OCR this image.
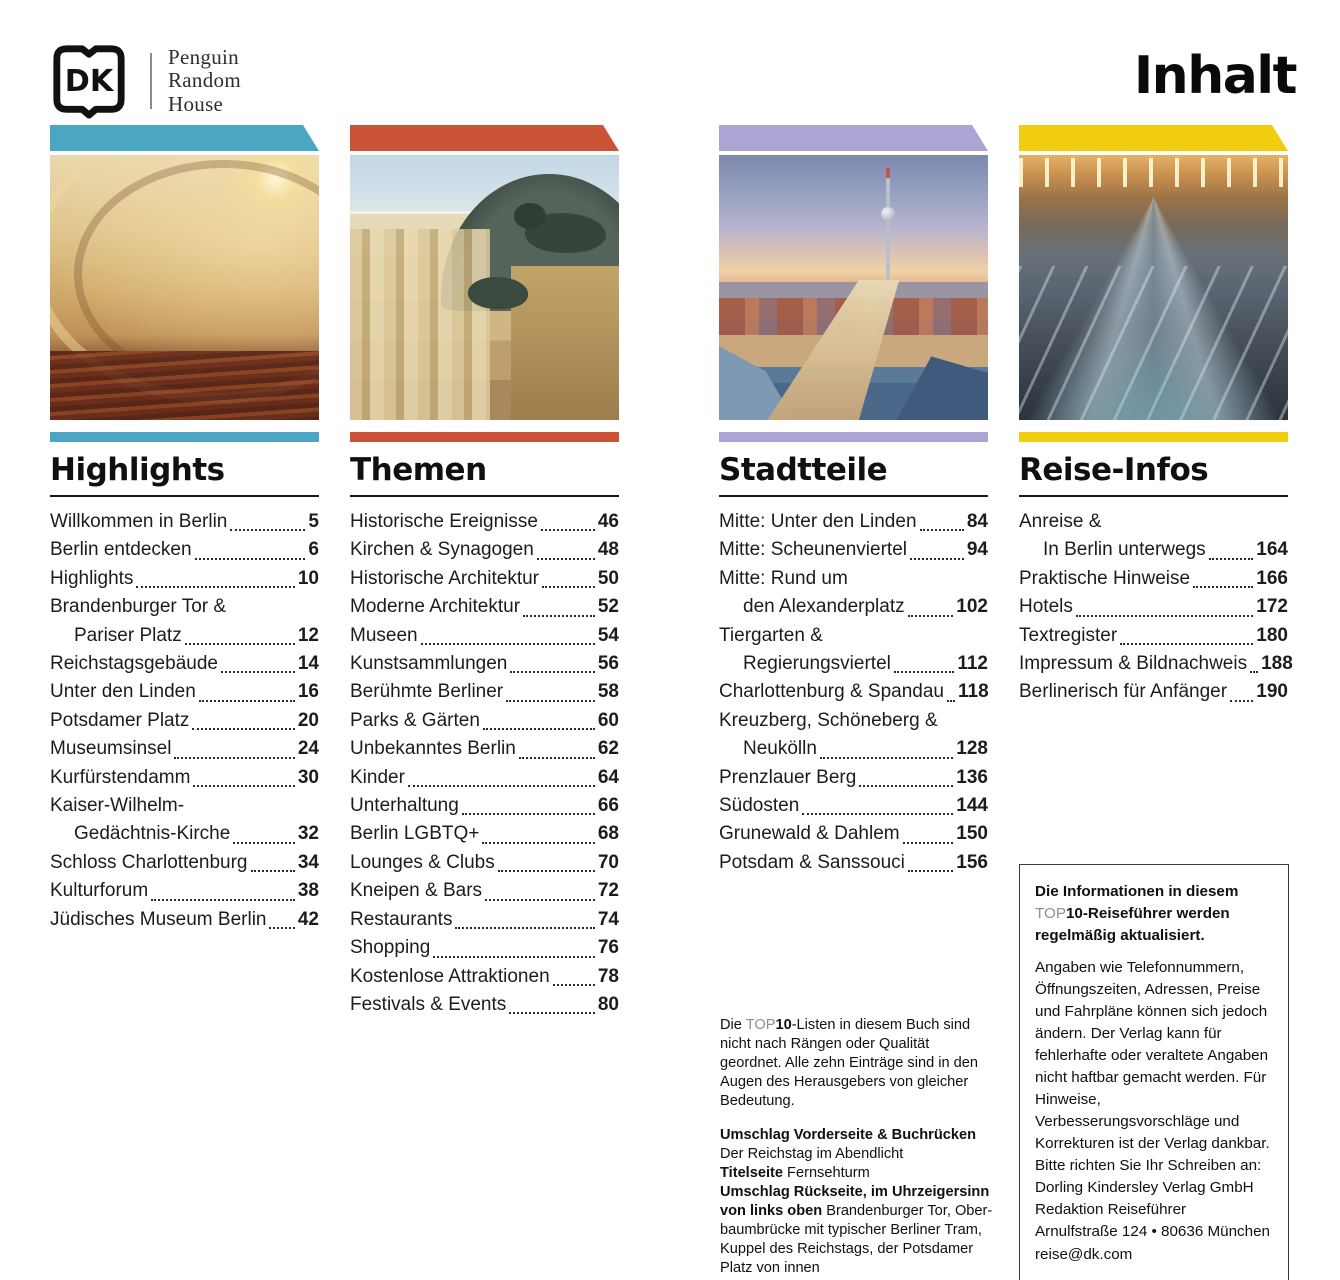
DK
Penguin
Random
House	Inhalt
Highlights
Willkommen in Berlin	5
Berlin entdecken	6
Highlights	10
Brandenburger Tor &
Pariser Platz	12
Reichstagsgebäude	14
Unter den Linden	16
Potsdamer Platz	20
Museumsinsel	24
Kurfürstendamm	30
Kaiser-Wilhelm-
Gedächtnis-Kirche	32
Schloss Charlottenburg	34
Kulturforum	38
Jüdisches Museum Berlin 42
Themen
Historische Ereignisse	46
Kirchen & Synagogen	48
Historische Architektur	50
Moderne Architektur	52
Museen	54
Kunstsammlungen	56
Berühmte Berliner	58
Parks & Gärten	60
Unbekanntes Berlin	62
Kinder	64
Unterhaltung	66
Berlin LGBTQ+	68
Lounges & Clubs	70
Kneipen & Bars	72
Restaurants	74
Shopping	76
Kostenlose Attraktionen	78
Festivals & Events	80
Stadtteile
Mitte: Unter den Linden	84
Mitte: Scheunenviertel	94
Mitte: Rund um
den Alexanderplatz	102
Tiergarten &
Regierungsviertel	112
Charlottenburg & Spandau 118
Kreuzberg, Schöneberg &
Neukölln	128
Prenzlauer Berg	136
Südosten	144
Grunewald & Dahlem	150
Potsdam & Sanssouci	156
Reise-Infos
Anreise &
In Berlin unterwegs	164
Praktische Hinweise	166
Hotels	172
Textregister	180
Impressum & Bildnachweis 188
Berlinerisch für Anfänger 190

Die TOP10-Listen in diesem Buch sind nicht nach Rängen oder Qualität geordnet. Alle zehn Einträge sind in den Augen des Herausgebers von gleicher Bedeutung.

Umschlag Vorderseite & Buchrücken
Der Reichstag im Abendlicht
Titelseite Fernsehturm
Umschlag Rückseite, im Uhrzeigersinn von links oben Brandenburger Tor, Oberbaumbrücke mit typischer Berliner Tram, Kuppel des Reichstags, der Potsdamer Platz von innen

Die Informationen in diesem TOP10-Reiseführer werden regelmäßig aktualisiert.

Angaben wie Telefonnummern, Öffnungszeiten, Adressen, Preise und Fahrpläne können sich jedoch ändern. Der Verlag kann für fehlerhafte oder veraltete Angaben nicht haftbar gemacht werden. Für Hinweise, Verbesserungsvorschläge und Korrekturen ist der Verlag dankbar. Bitte richten Sie Ihr Schreiben an:
Dorling Kindersley Verlag GmbH
Redaktion Reiseführer
Arnulfstraße 124 • 80636 München
reise@dk.com
